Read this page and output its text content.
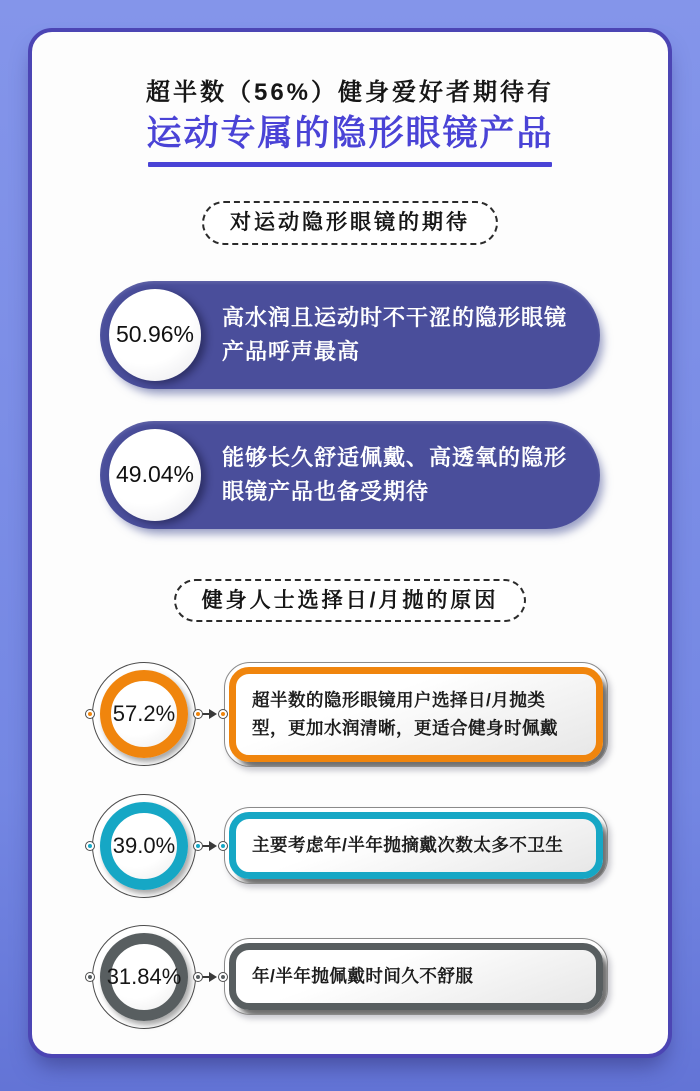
超半数（56%）健身爱好者期待有
运动专属的隐形眼镜产品
对运动隐形眼镜的期待
50.96%
高水润且运动时不干涩的隐形眼镜产品呼声最高
49.04%
能够长久舒适佩戴、高透氧的隐形眼镜产品也备受期待
健身人士选择日/月抛的原因
57.2%
超半数的隐形眼镜用户选择日/月抛类型，更加水润清晰，更适合健身时佩戴
39.0%	主要考虑年/半年抛摘戴次数太多不卫生
31.84%	年/半年抛佩戴时间久不舒服
